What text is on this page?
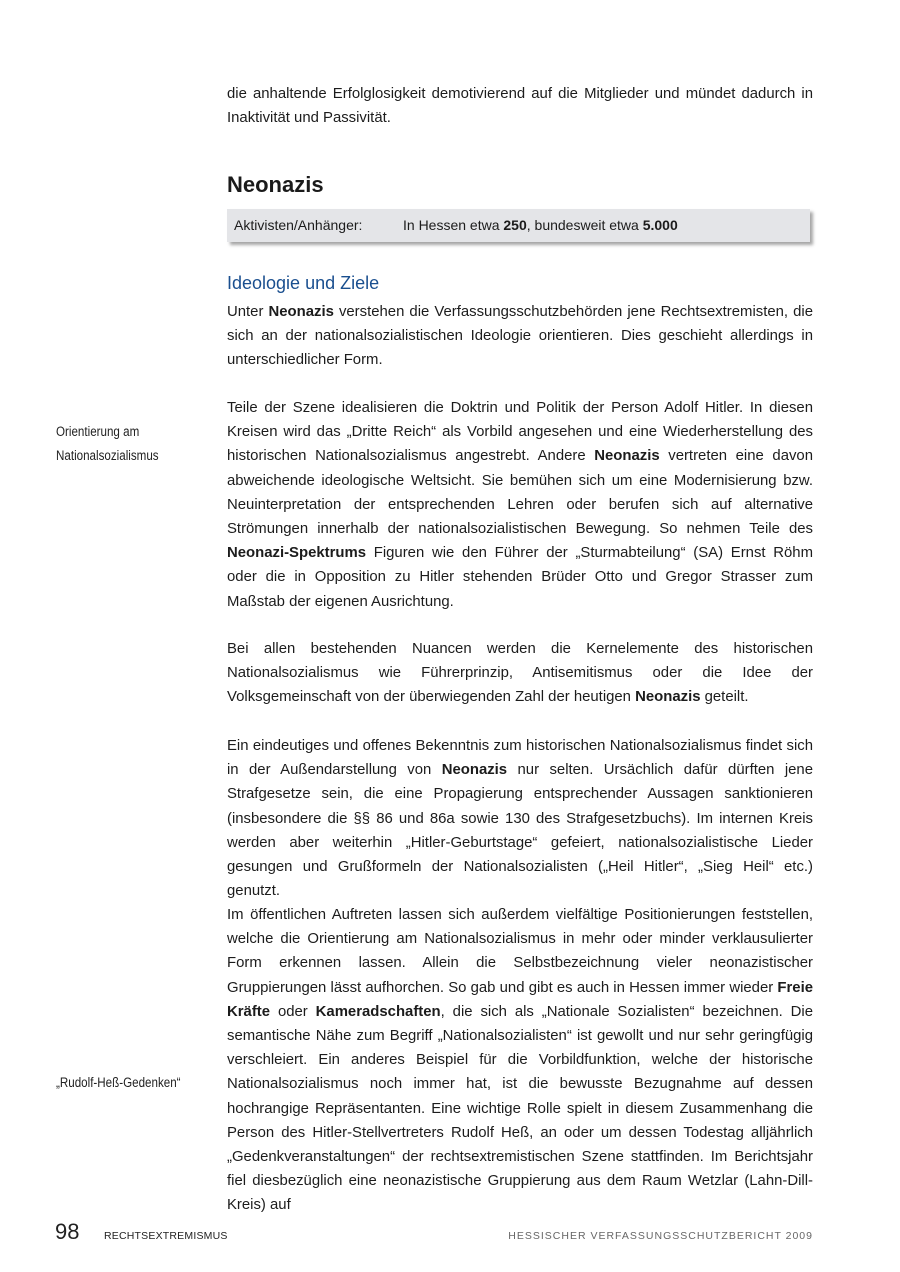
die anhaltende Erfolglosigkeit demotivierend auf die Mitglieder und mündet dadurch in Inaktivität und Passivität.

Neonazis
Aktivisten/Anhänger:	In Hessen etwa 250, bundesweit etwa 5.000
Ideologie und Ziele

Unter Neonazis verstehen die Verfassungsschutzbehörden jene Rechtsextremisten, die sich an der nationalsozialistischen Ideologie orientieren. Dies geschieht allerdings in unterschiedlicher Form.

Teile der Szene idealisieren die Doktrin und Politik der Person Adolf Hitler. In diesen Kreisen wird das „Dritte Reich“ als Vorbild angesehen und eine Wiederherstellung des historischen Nationalsozialismus angestrebt. Andere Neonazis vertreten eine davon abweichende ideologische Weltsicht. Sie bemühen sich um eine Modernisierung bzw. Neuinterpretation der entsprechenden Lehren oder berufen sich auf alternative Strömungen innerhalb der nationalsozialistischen Bewegung. So nehmen Teile des Neonazi-Spektrums Figuren wie den Führer der „Sturmabteilung“ (SA) Ernst Röhm oder die in Opposition zu Hitler stehenden Brüder Otto und Gregor Strasser zum Maßstab der eigenen Ausrichtung.

Bei allen bestehenden Nuancen werden die Kernelemente des historischen Nationalsozialismus wie Führerprinzip, Antisemitismus oder die Idee der Volksgemeinschaft von der überwiegenden Zahl der heutigen Neonazis geteilt.

Ein eindeutiges und offenes Bekenntnis zum historischen Nationalsozialismus findet sich in der Außendarstellung von Neonazis nur selten. Ursächlich dafür dürften jene Strafgesetze sein, die eine Propagierung entsprechender Aussagen sanktionieren (insbesondere die §§ 86 und 86a sowie 130 des Strafgesetzbuchs). Im internen Kreis werden aber weiterhin „Hitler-Geburtstage“ gefeiert, nationalsozialistische Lieder gesungen und Grußformeln der Nationalsozialisten („Heil Hitler“, „Sieg Heil“ etc.) genutzt.

Im öffentlichen Auftreten lassen sich außerdem vielfältige Positionierungen feststellen, welche die Orientierung am Nationalsozialismus in mehr oder minder verklausulierter Form erkennen lassen. Allein die Selbstbezeichnung vieler neonazistischer Gruppierungen lässt aufhorchen. So gab und gibt es auch in Hessen immer wieder Freie Kräfte oder Kameradschaften, die sich als „Nationale Sozialisten“ bezeichnen. Die semantische Nähe zum Begriff „Nationalsozialisten“ ist gewollt und nur sehr geringfügig verschleiert. Ein anderes Beispiel für die Vorbildfunktion, welche der historische Nationalsozialismus noch immer hat, ist die bewusste Bezugnahme auf dessen hochrangige Repräsentanten. Eine wichtige Rolle spielt in diesem Zusammenhang die Person des Hitler-Stellvertreters Rudolf Heß, an oder um dessen Todestag alljährlich „Gedenkveranstaltungen“ der rechtsextremistischen Szene stattfinden. Im Berichtsjahr fiel diesbezüglich eine neonazistische Gruppierung aus dem Raum Wetzlar (Lahn-Dill-Kreis) auf

Orientierung am Nationalsozialismus
„Rudolf-Heß-Gedenken“
98 RECHTSEXTREMISMUS	HESSISCHER VERFASSUNGSSCHUTZBERICHT 2009
